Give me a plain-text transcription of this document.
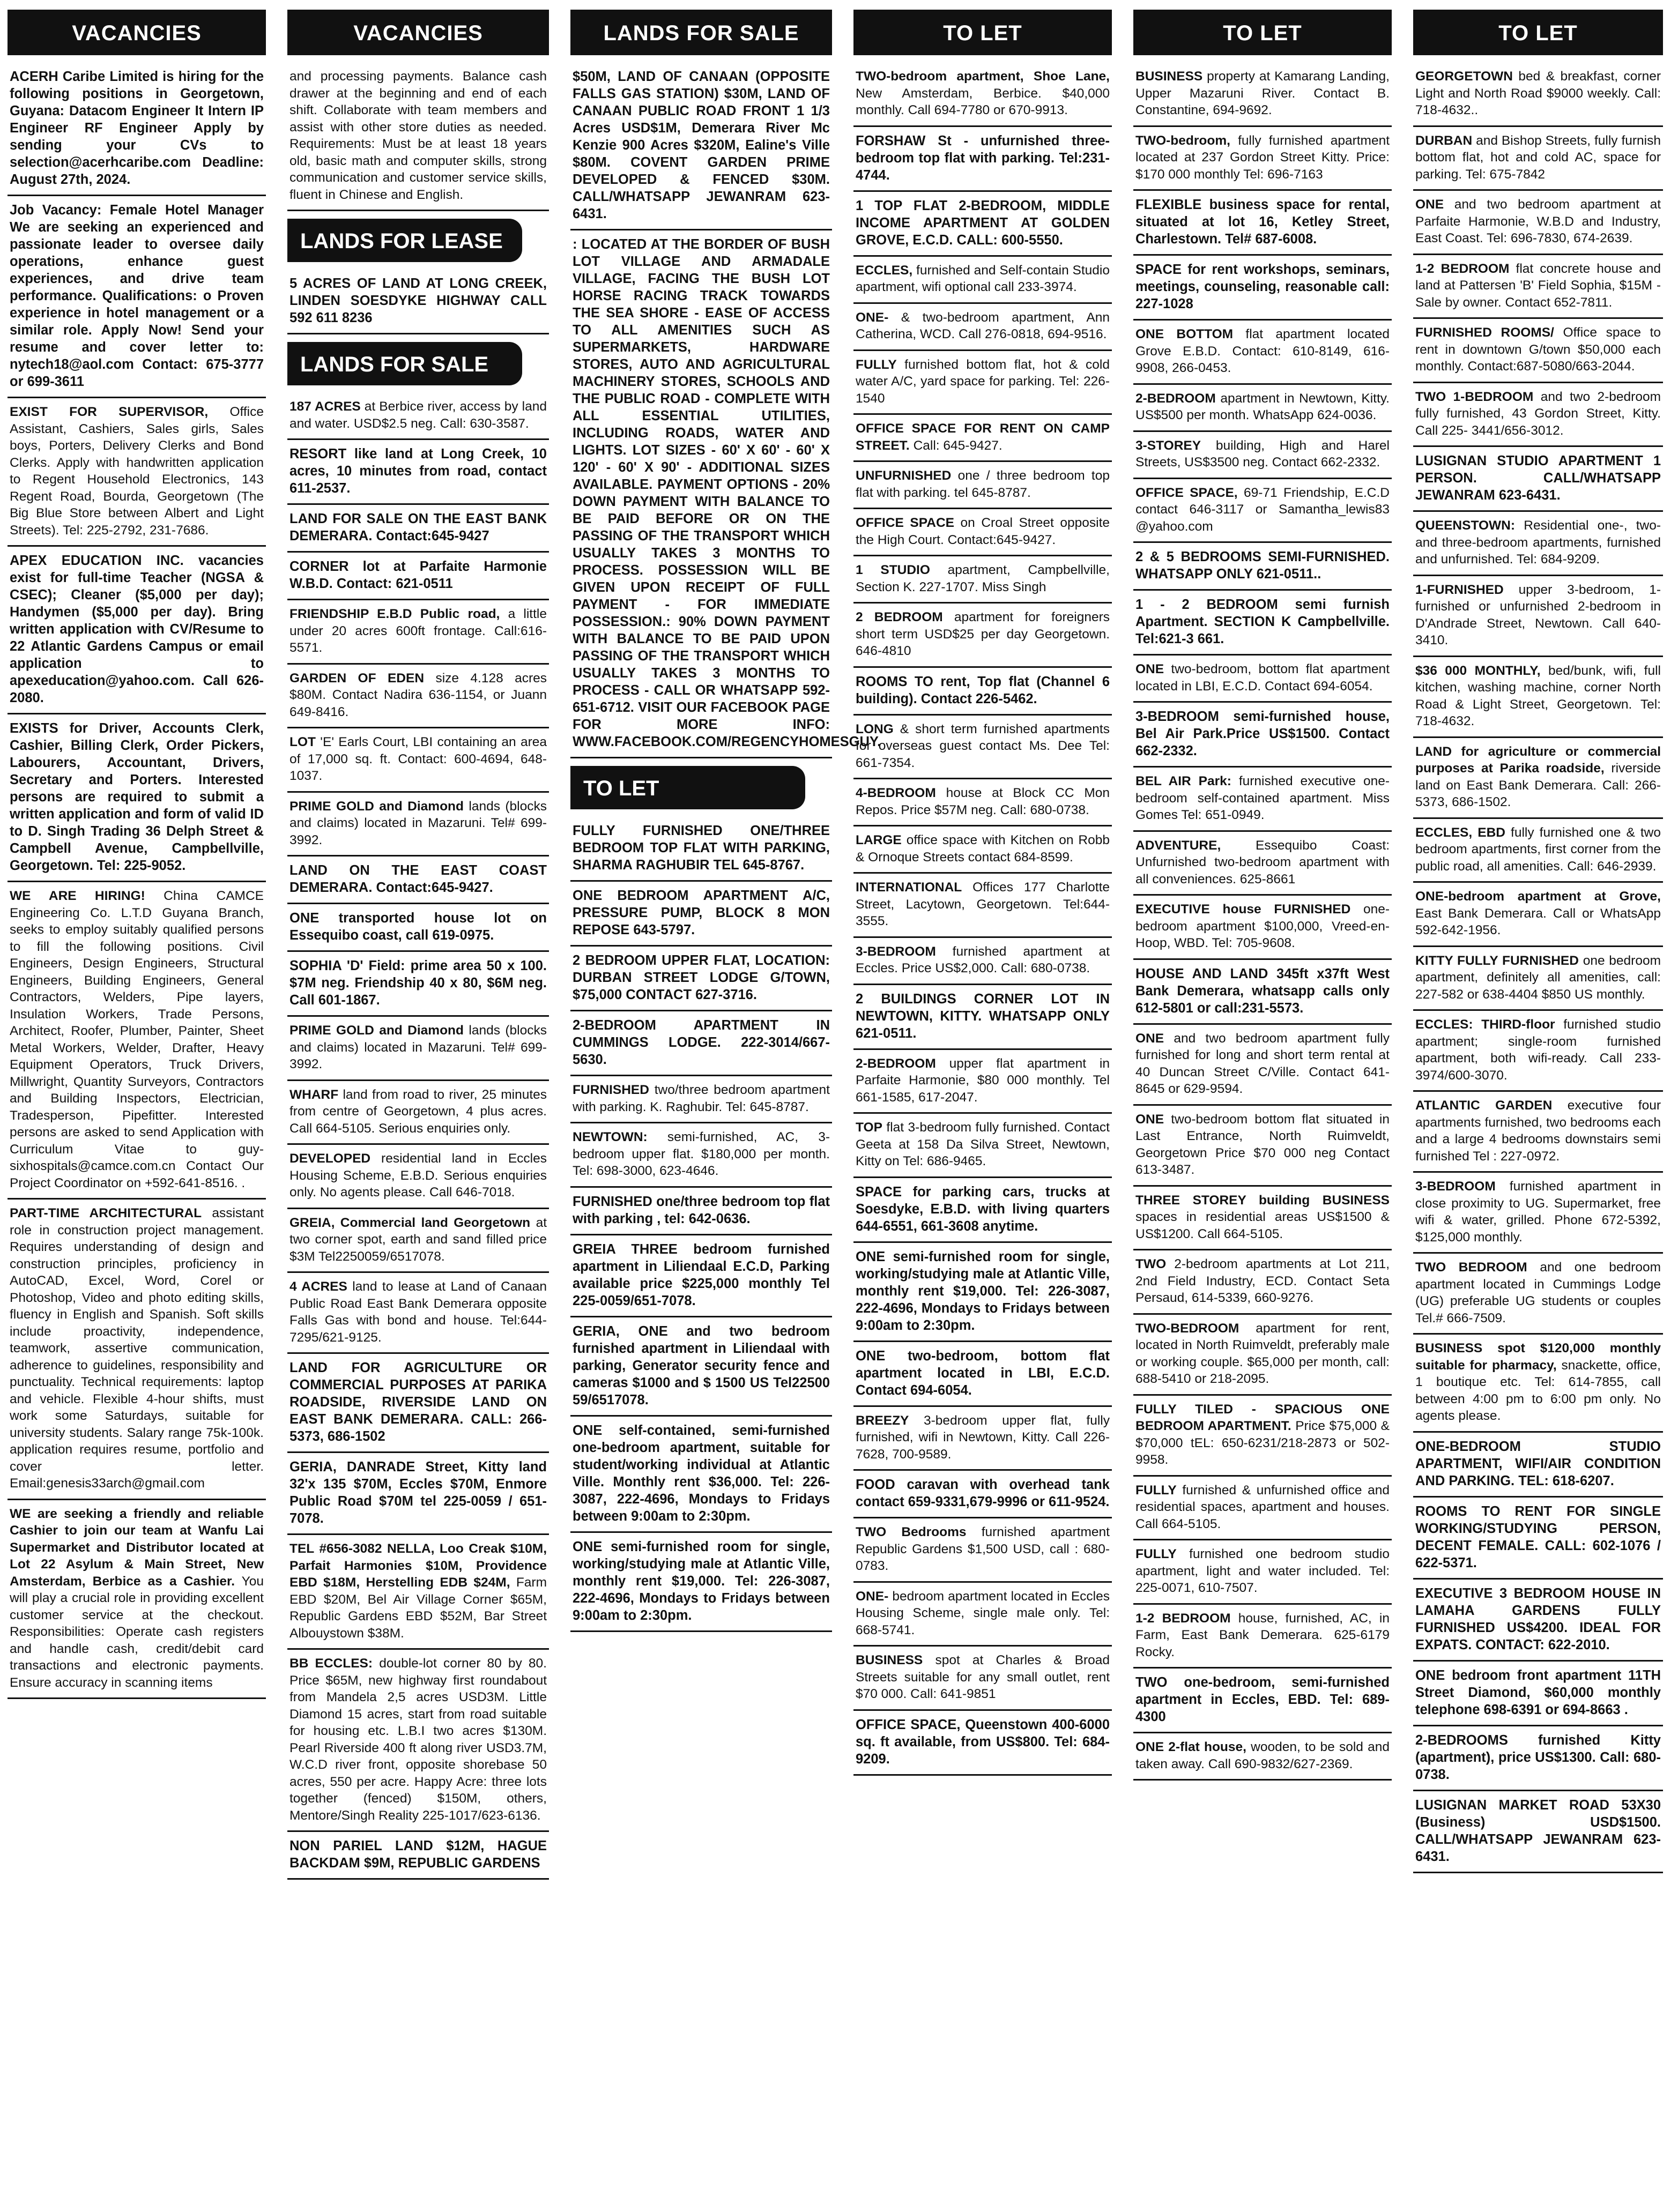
VACANCIES
ACERH Caribe Limited is hiring for the following positions in Georgetown, Guyana: Datacom Engineer It Intern IP Engineer RF Engineer Apply by sending your CVs to selection@acerhcaribe.com Deadline: August 27th, 2024.
Job Vacancy: Female Hotel Manager We are seeking an experienced and passionate leader to oversee daily operations, enhance guest experiences, and drive team performance. Qualifications: o Proven experience in hotel management or a similar role. Apply Now! Send your resume and cover letter to: nytech18@aol.com Contact: 675-3777 or 699-3611
EXIST FOR SUPERVISOR, Office Assistant, Cashiers, Sales girls, Sales boys, Porters, Delivery Clerks and Bond Clerks. Apply with handwritten application to Regent Household Electronics, 143 Regent Road, Bourda, Georgetown (The Big Blue Store between Albert and Light Streets). Tel: 225-2792, 231-7686.
APEX EDUCATION INC. vacancies exist for full-time Teacher (NGSA & CSEC); Cleaner ($5,000 per day); Handymen ($5,000 per day). Bring written application with CV/Resume to 22 Atlantic Gardens Campus or email application to apexeducation@yahoo.com. Call 626-2080.
EXISTS for Driver, Accounts Clerk, Cashier, Billing Clerk, Order Pickers, Labourers, Accountant, Drivers, Secretary and Porters. Interested persons are required to submit a written application and form of valid ID to D. Singh Trading 36 Delph Street & Campbell Avenue, Campbellville, Georgetown. Tel: 225-9052.
WE ARE HIRING! China CAMCE Engineering Co. L.T.D Guyana Branch, seeks to employ suitably qualified persons to fill the following positions. Civil Engineers, Design Engineers, Structural Engineers, Building Engineers, General Contractors, Welders, Pipe layers, Insulation Workers, Trade Persons, Architect, Roofer, Plumber, Painter, Sheet Metal Workers, Welder, Drafter, Heavy Equipment Operators, Truck Drivers, Millwright, Quantity Surveyors, Contractors and Building Inspectors, Electrician, Tradesperson, Pipefitter. Interested persons are asked to send Application with Curriculum Vitae to guy-sixhospitals@camce.com.cn Contact Our Project Coordinator on +592-641-8516. .
PART-TIME ARCHITECTURAL assistant role in construction project management. Requires understanding of design and construction principles, proficiency in AutoCAD, Excel, Word, Corel or Photoshop, Video and photo editing skills, fluency in English and Spanish. Soft skills include proactivity, independence, teamwork, assertive communication, adherence to guidelines, responsibility and punctuality. Technical requirements: laptop and vehicle. Flexible 4-hour shifts, must work some Saturdays, suitable for university students. Salary range 75k-100k. application requires resume, portfolio and cover letter. Email:genesis33arch@gmail.com
WE are seeking a friendly and reliable Cashier to join our team at Wanfu Lai Supermarket and Distributor located at Lot 22 Asylum & Main Street, New Amsterdam, Berbice as a Cashier. You will play a crucial role in providing excellent customer service at the checkout. Responsibilities: Operate cash registers and handle cash, credit/debit card transactions and electronic payments. Ensure accuracy in scanning items
VACANCIES
and processing payments. Balance cash drawer at the beginning and end of each shift. Collaborate with team members and assist with other store duties as needed. Requirements: Must be at least 18 years old, basic math and computer skills, strong communication and customer service skills, fluent in Chinese and English.
LANDS FOR LEASE
5 ACRES OF LAND AT LONG CREEK, LINDEN SOESDYKE HIGHWAY CALL 592 611 8236
LANDS FOR SALE
187 ACRES at Berbice river, access by land and water. USD$2.5 neg. Call: 630-3587.
RESORT like land at Long Creek, 10 acres, 10 minutes from road, contact 611-2537.
LAND FOR SALE ON THE EAST BANK DEMERARA. Contact:645-9427
CORNER lot at Parfaite Harmonie W.B.D. Contact: 621-0511
FRIENDSHIP E.B.D Public road, a little under 20 acres 600ft frontage. Call:616-5571.
GARDEN OF EDEN size 4.128 acres $80M. Contact Nadira 636-1154, or Juann 649-8416.
LOT 'E' Earls Court, LBI containing an area of 17,000 sq. ft. Contact: 600-4694, 648-1037.
PRIME GOLD and Diamond lands (blocks and claims) located in Mazaruni. Tel# 699-3992.
LAND ON THE EAST COAST DEMERARA. Contact:645-9427.
ONE transported house lot on Essequibo coast, call 619-0975.
SOPHIA 'D' Field: prime area 50 x 100. $7M neg. Friendship 40 x 80, $6M neg. Call 601-1867.
PRIME GOLD and Diamond lands (blocks and claims) located in Mazaruni. Tel# 699-3992.
WHARF land from road to river, 25 minutes from centre of Georgetown, 4 plus acres. Call 664-5105. Serious enquiries only.
DEVELOPED residential land in Eccles Housing Scheme, E.B.D. Serious enquiries only. No agents please. Call 646-7018.
GREIA, Commercial land Georgetown at two corner spot, earth and sand filled price $3M Tel2250059/6517078.
4 ACRES land to lease at Land of Canaan Public Road East Bank Demerara opposite Falls Gas with bond and house. Tel:644-7295/621-9125.
LAND FOR AGRICULTURE OR COMMERCIAL PURPOSES AT PARIKA ROADSIDE, RIVERSIDE LAND ON EAST BANK DEMERARA. CALL: 266-5373, 686-1502
GERIA, DANRADE Street, Kitty land 32'x 135 $70M, Eccles $70M, Enmore Public Road $70M tel 225-0059 / 651-7078.
TEL #656-3082 NELLA, Loo Creak $10M, Parfait Harmonies $10M, Providence EBD $18M, Herstelling EDB $24M, Farm EBD $20M, Bel Air Village Corner $65M, Republic Gardens EBD $52M, Bar Street Albouystown $38M.
BB ECCLES: double-lot corner 80 by 80. Price $65M, new highway first roundabout from Mandela 2,5 acres USD3M. Little Diamond 15 acres, start from road suitable for housing etc. L.B.I two acres $130M. Pearl Riverside 400 ft along river USD3.7M, W.C.D river front, opposite shorebase 50 acres, 550 per acre. Happy Acre: three lots together (fenced) $150M, others, Mentore/Singh Reality 225-1017/623-6136.
NON PARIEL LAND $12M, HAGUE BACKDAM $9M, REPUBLIC GARDENS
LANDS FOR SALE
$50M, LAND OF CANAAN (OPPOSITE FALLS GAS STATION) $30M, LAND OF CANAAN PUBLIC ROAD FRONT 1 1/3 Acres USD$1M, Demerara River Mc Kenzie 900 Acres $320M, Ealine's Ville $80M. COVENT GARDEN PRIME DEVELOPED & FENCED $30M. CALL/WHATSAPP JEWANRAM 623-6431.
: LOCATED AT THE BORDER OF BUSH LOT VILLAGE AND ARMADALE VILLAGE, FACING THE BUSH LOT HORSE RACING TRACK TOWARDS THE SEA SHORE - EASE OF ACCESS TO ALL AMENITIES SUCH AS SUPERMARKETS, HARDWARE STORES, AUTO AND AGRICULTURAL MACHINERY STORES, SCHOOLS AND THE PUBLIC ROAD - COMPLETE WITH ALL ESSENTIAL UTILITIES, INCLUDING ROADS, WATER AND LIGHTS. LOT SIZES - 60' X 60' - 60' X 120' - 60' X 90' - ADDITIONAL SIZES AVAILABLE. PAYMENT OPTIONS - 20% DOWN PAYMENT WITH BALANCE TO BE PAID BEFORE OR ON THE PASSING OF THE TRANSPORT WHICH USUALLY TAKES 3 MONTHS TO PROCESS. POSSESSION WILL BE GIVEN UPON RECEIPT OF FULL PAYMENT - FOR IMMEDIATE POSSESSION.: 90% DOWN PAYMENT WITH BALANCE TO BE PAID UPON PASSING OF THE TRANSPORT WHICH USUALLY TAKES 3 MONTHS TO PROCESS - CALL OR WHATSAPP 592-651-6712. VISIT OUR FACEBOOK PAGE FOR MORE INFO: WWW.FACEBOOK.COM/REGENCYHOMESGUY.
TO LET
FULLY FURNISHED ONE/THREE BEDROOM TOP FLAT WITH PARKING, SHARMA RAGHUBIR TEL 645-8767.
ONE BEDROOM APARTMENT A/C, PRESSURE PUMP, BLOCK 8 MON REPOSE 643-5797.
2 BEDROOM UPPER FLAT, LOCATION: DURBAN STREET LODGE G/TOWN, $75,000 CONTACT 627-3716.
2-BEDROOM APARTMENT IN CUMMINGS LODGE. 222-3014/667-5630.
FURNISHED two/three bedroom apartment with parking. K. Raghubir. Tel: 645-8787.
NEWTOWN: semi-furnished, AC, 3-bedroom upper flat. $180,000 per month. Tel: 698-3000, 623-4646.
FURNISHED one/three bedroom top flat with parking , tel: 642-0636.
GREIA THREE bedroom furnished apartment in Liliendaal E.C.D, Parking available price $225,000 monthly Tel 225-0059/651-7078.
GERIA, ONE and two bedroom furnished apartment in Liliendaal with parking, Generator security fence and cameras $1000 and $ 1500 US Tel22500 59/6517078.
ONE self-contained, semi-furnished one-bedroom apartment, suitable for student/working individual at Atlantic Ville. Monthly rent $36,000. Tel: 226-3087, 222-4696, Mondays to Fridays between 9:00am to 2:30pm.
ONE semi-furnished room for single, working/studying male at Atlantic Ville, monthly rent $19,000. Tel: 226-3087, 222-4696, Mondays to Fridays between 9:00am to 2:30pm.
TO LET
TWO-bedroom apartment, Shoe Lane, New Amsterdam, Berbice. $40,000 monthly. Call 694-7780 or 670-9913.
FORSHAW St - unfurnished three-bedroom top flat with parking. Tel:231-4744.
1 TOP FLAT 2-BEDROOM, MIDDLE INCOME APARTMENT AT GOLDEN GROVE, E.C.D. CALL: 600-5550.
ECCLES, furnished and Self-contain Studio apartment, wifi optional call 233-3974.
ONE- & two-bedroom apartment, Ann Catherina, WCD. Call 276-0818, 694-9516.
FULLY furnished bottom flat, hot & cold water A/C, yard space for parking. Tel: 226-1540
OFFICE SPACE FOR RENT ON CAMP STREET. Call: 645-9427.
UNFURNISHED one / three bedroom top flat with parking. tel 645-8787.
OFFICE SPACE on Croal Street opposite the High Court. Contact:645-9427.
1 STUDIO apartment, Campbellville, Section K. 227-1707. Miss Singh
2 BEDROOM apartment for foreigners short term USD$25 per day Georgetown. 646-4810
ROOMS TO rent, Top flat (Channel 6 building). Contact 226-5462.
LONG & short term furnished apartments for overseas guest contact Ms. Dee Tel: 661-7354.
4-BEDROOM house at Block CC Mon Repos. Price $57M neg. Call: 680-0738.
LARGE office space with Kitchen on Robb & Ornoque Streets contact 684-8599.
INTERNATIONAL Offices 177 Charlotte Street, Lacytown, Georgetown. Tel:644-3555.
3-BEDROOM furnished apartment at Eccles. Price US$2,000. Call: 680-0738.
2 BUILDINGS CORNER LOT IN NEWTOWN, KITTY. WHATSAPP ONLY 621-0511.
2-BEDROOM upper flat apartment in Parfaite Harmonie, $80 000 monthly. Tel 661-1585, 617-2047.
TOP flat 3-bedroom fully furnished. Contact Geeta at 158 Da Silva Street, Newtown, Kitty on Tel: 686-9465.
SPACE for parking cars, trucks at Soesdyke, E.B.D. with living quarters 644-6551, 661-3608 anytime.
ONE semi-furnished room for single, working/studying male at Atlantic Ville, monthly rent $19,000. Tel: 226-3087, 222-4696, Mondays to Fridays between 9:00am to 2:30pm.
ONE two-bedroom, bottom flat apartment located in LBI, E.C.D. Contact 694-6054.
BREEZY 3-bedroom upper flat, fully furnished, wifi in Newtown, Kitty. Call 226-7628, 700-9589.
FOOD caravan with overhead tank contact 659-9331,679-9996 or 611-9524.
TWO Bedrooms furnished apartment Republic Gardens $1,500 USD, call : 680-0783.
ONE- bedroom apartment located in Eccles Housing Scheme, single male only. Tel: 668-5741.
BUSINESS spot at Charles & Broad Streets suitable for any small outlet, rent $70 000. Call: 641-9851
OFFICE SPACE, Queenstown 400-6000 sq. ft available, from US$800. Tel: 684-9209.
TO LET
BUSINESS property at Kamarang Landing, Upper Mazaruni River. Contact B. Constantine, 694-9692.
TWO-bedroom, fully furnished apartment located at 237 Gordon Street Kitty. Price: $170 000 monthly Tel: 696-7163
FLEXIBLE business space for rental, situated at lot 16, Ketley Street, Charlestown. Tel# 687-6008.
SPACE for rent workshops, seminars, meetings, counseling, reasonable call: 227-1028
ONE BOTTOM flat apartment located Grove E.B.D. Contact: 610-8149, 616-9908, 266-0453.
2-BEDROOM apartment in Newtown, Kitty. US$500 per month. WhatsApp 624-0036.
3-STOREY building, High and Harel Streets, US$3500 neg. Contact 662-2332.
OFFICE SPACE, 69-71 Friendship, E.C.D contact 646-3117 or Samantha_lewis83 @yahoo.com
2 & 5 BEDROOMS SEMI-FURNISHED. WHATSAPP ONLY 621-0511..
1 - 2 BEDROOM semi furnish Apartment. SECTION K Campbellville. Tel:621-3 661.
ONE two-bedroom, bottom flat apartment located in LBI, E.C.D. Contact 694-6054.
3-BEDROOM semi-furnished house, Bel Air Park.Price US$1500. Contact 662-2332.
BEL AIR Park: furnished executive one-bedroom self-contained apartment. Miss Gomes Tel: 651-0949.
ADVENTURE,	Essequibo Coast: Unfurnished two-bedroom apartment with all conveniences. 625-8661
EXECUTIVE house FURNISHED one-bedroom apartment $100,000, Vreed-en-Hoop, WBD. Tel: 705-9608.
HOUSE AND LAND 345ft x37ft West Bank Demerara, whatsapp calls only 612-5801 or call:231-5573.
ONE and two bedroom apartment fully furnished for long and short term rental at 40 Duncan Street C/Ville. Contact 641-8645 or 629-9594.
ONE two-bedroom bottom flat situated in Last Entrance, North Ruimveldt, Georgetown Price $70 000 neg Contact 613-3487.
THREE STOREY building BUSINESS spaces in residential areas US$1500 & US$1200. Call 664-5105.
TWO 2-bedroom apartments at Lot 211, 2nd Field Industry, ECD. Contact Seta Persaud, 614-5339, 660-9276.
TWO-BEDROOM apartment for rent, located in North Ruimveldt, preferably male or working couple. $65,000 per month, call: 688-5410 or 218-2095.
FULLY TILED - SPACIOUS ONE BEDROOM APARTMENT. Price $75,000 & $70,000 tEL: 650-6231/218-2873 or 502-9958.
FULLY furnished & unfurnished office and residential spaces, apartment and houses. Call 664-5105.
FULLY furnished one bedroom studio apartment, light and water included. Tel: 225-0071, 610-7507.
1-2 BEDROOM house, furnished, AC, in Farm, East Bank Demerara. 625-6179 Rocky.
TWO one-bedroom, semi-furnished apartment in Eccles, EBD. Tel: 689-4300
ONE 2-flat house, wooden, to be sold and taken away. Call 690-9832/627-2369.
TO LET
GEORGETOWN bed & breakfast, corner Light and North Road $9000 weekly. Call: 718-4632..
DURBAN and Bishop Streets, fully furnish bottom flat, hot and cold AC, space for parking. Tel: 675-7842
ONE and two bedroom apartment at Parfaite Harmonie, W.B.D and Industry, East Coast. Tel: 696-7830, 674-2639.
1-2 BEDROOM flat concrete house and land at Pattersen 'B' Field Sophia, $15M - Sale by owner. Contact 652-7811.
FURNISHED ROOMS/ Office space to rent in downtown G/town $50,000 each monthly. Contact:687-5080/663-2044.
TWO 1-BEDROOM and two 2-bedroom fully furnished, 43 Gordon Street, Kitty. Call 225- 3441/656-3012.
LUSIGNAN STUDIO APARTMENT 1 PERSON. CALL/WHATSAPP JEWANRAM 623-6431.
QUEENSTOWN: Residential one-, two- and three-bedroom apartments, furnished and unfurnished. Tel: 684-9209.
1-FURNISHED upper 3-bedroom, 1-furnished or unfurnished 2-bedroom in D'Andrade Street, Newtown. Call 640-3410.
$36 000 MONTHLY, bed/bunk, wifi, full kitchen, washing machine, corner North Road & Light Street, Georgetown. Tel: 718-4632.
LAND for agriculture or commercial purposes at Parika roadside, riverside land on East Bank Demerara. Call: 266-5373, 686-1502.
ECCLES, EBD fully furnished one & two bedroom apartments, first corner from the public road, all amenities. Call: 646-2939.
ONE-bedroom apartment at Grove, East Bank Demerara. Call or WhatsApp 592-642-1956.
KITTY FULLY FURNISHED one bedroom apartment, definitely all amenities, call: 227-582 or 638-4404 $850 US monthly.
ECCLES: THIRD-floor furnished studio apartment; single-room furnished apartment, both wifi-ready. Call 233-3974/600-3070.
ATLANTIC GARDEN executive four apartments furnished, two bedrooms each and a large 4 bedrooms downstairs semi furnished Tel : 227-0972.
3-BEDROOM furnished apartment in close proximity to UG. Supermarket, free wifi & water, grilled. Phone 672-5392, $125,000 monthly.
TWO BEDROOM and one bedroom apartment located in Cummings Lodge (UG) preferable UG students or couples Tel.# 666-7509.
BUSINESS spot $120,000 monthly suitable for pharmacy, snackette, office, 1 boutique etc. Tel: 614-7855, call between 4:00 pm to 6:00 pm only. No agents please.
ONE-BEDROOM STUDIO APARTMENT, WIFI/AIR CONDITION AND PARKING. TEL: 618-6207.
ROOMS TO RENT FOR SINGLE WORKING/STUDYING PERSON, DECENT FEMALE. CALL: 602-1076 / 622-5371.
EXECUTIVE 3 BEDROOM HOUSE IN LAMAHA GARDENS FULLY FURNISHED US$4200. IDEAL FOR EXPATS. CONTACT: 622-2010.
ONE bedroom front apartment 11TH Street Diamond, $60,000 monthly telephone 698-6391 or 694-8663 .
2-BEDROOMS furnished Kitty (apartment), price US$1300. Call: 680-0738.
LUSIGNAN MARKET ROAD 53X30 (Business) USD$1500. CALL/WHATSAPP JEWANRAM 623-6431.
